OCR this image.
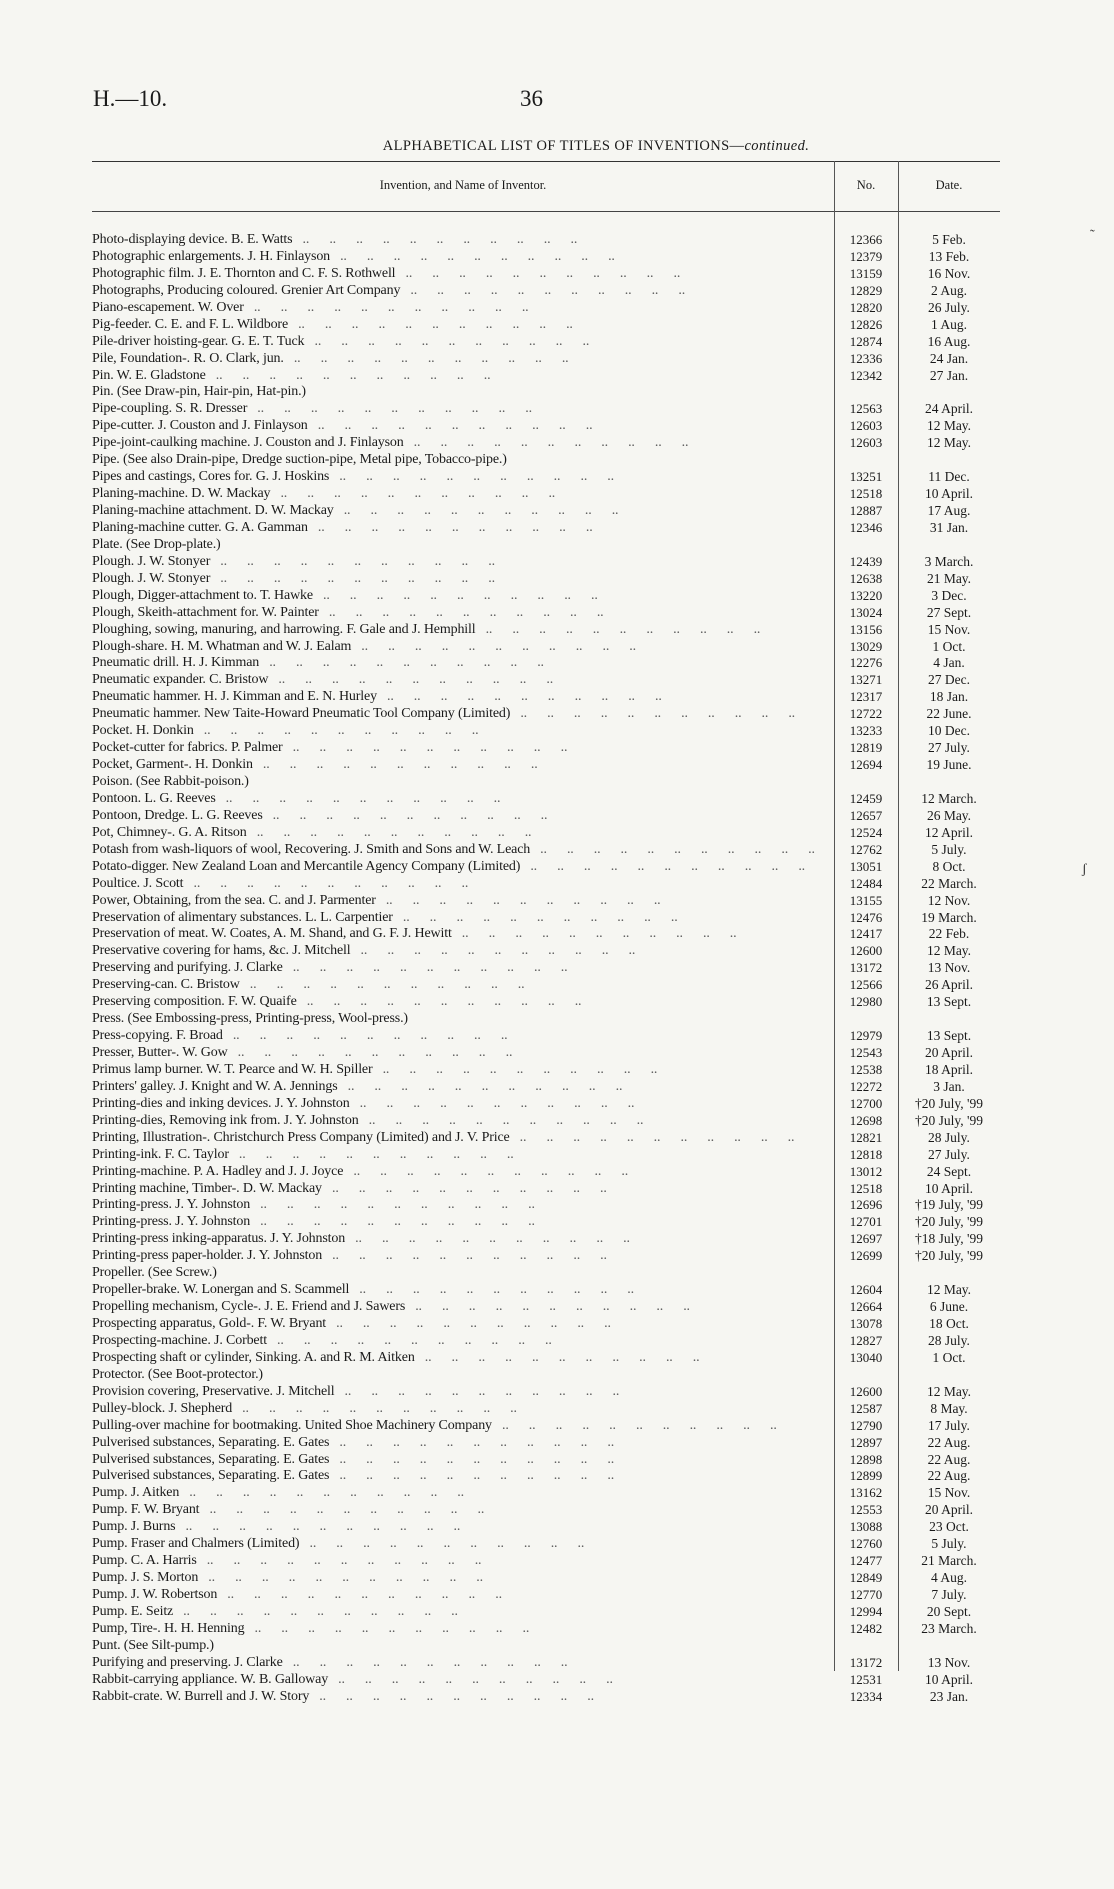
H.—10.	36
ALPHABETICAL LIST OF TITLES OF INVENTIONS—continued.
Invention, and Name of Inventor.	No.	Date.
Photo-displaying device. B. E. Watts ..	12366	5 Feb.
Photographic enlargements. J. H. Finlayson ..	12379	13 Feb.
Photographic film. J. E. Thornton and C. F. S. Rothwell ..	13159	16 Nov.
Photographs, Producing coloured. Grenier Art Company ..	12829	2 Aug.
Piano-escapement. W. Over ..	12820	26 July.
Pig-feeder. C. E. and F. L. Wildbore ..	12826	1 Aug.
Pile-driver hoisting-gear. G. E. T. Tuck ..	12874	16 Aug.
Pile, Foundation-. R. O. Clark, jun. ..	12336	24 Jan.
Pin. W. E. Gladstone ..	12342	27 Jan.
Pin. (See Draw-pin, Hair-pin, Hat-pin.)
Pipe-coupling. S. R. Dresser ..	12563	24 April.
Pipe-cutter. J. Couston and J. Finlayson ..	12603	12 May.
Pipe-joint-caulking machine. J. Couston and J. Finlayson ..	12603	12 May.
Pipe. (See also Drain-pipe, Dredge suction-pipe, Metal pipe, Tobacco-pipe.)
Pipes and castings, Cores for. G. J. Hoskins ..	13251	11 Dec.
Planing-machine. D. W. Mackay ..	12518	10 April.
Planing-machine attachment. D. W. Mackay ..	12887	17 Aug.
Planing-machine cutter. G. A. Gamman ..	12346	31 Jan.
Plate. (See Drop-plate.)
Plough. J. W. Stonyer ..	12439	3 March.
Plough. J. W. Stonyer ..	12638	21 May.
Plough, Digger-attachment to. T. Hawke ..	13220	3 Dec.
Plough, Skeith-attachment for. W. Painter ..	13024	27 Sept.
Ploughing, sowing, manuring, and harrowing. F. Gale and J. Hemphill ..	13156	15 Nov.
Plough-share. H. M. Whatman and W. J. Ealam ..	13029	1 Oct.
Pneumatic drill. H. J. Kimman ..	12276	4 Jan.
Pneumatic expander. C. Bristow ..	13271	27 Dec.
Pneumatic hammer. H. J. Kimman and E. N. Hurley ..	12317	18 Jan.
Pneumatic hammer. New Taite-Howard Pneumatic Tool Company (Limited) ..	12722	22 June.
Pocket. H. Donkin ..	13233	10 Dec.
Pocket-cutter for fabrics. P. Palmer ..	12819	27 July.
Pocket, Garment-. H. Donkin ..	12694	19 June.
Poison. (See Rabbit-poison.)
Pontoon. L. G. Reeves ..	12459	12 March.
Pontoon, Dredge. L. G. Reeves ..	12657	26 May.
Pot, Chimney-. G. A. Ritson ..	12524	12 April.
Potash from wash-liquors of wool, Recovering. J. Smith and Sons and W. Leach ..	12762	5 July.
Potato-digger. New Zealand Loan and Mercantile Agency Company (Limited) ..	13051	8 Oct.
Poultice. J. Scott ..	12484	22 March.
Power, Obtaining, from the sea. C. and J. Parmenter ..	13155	12 Nov.
Preservation of alimentary substances. L. L. Carpentier ..	12476	19 March.
Preservation of meat. W. Coates, A. M. Shand, and G. F. J. Hewitt ..	12417	22 Feb.
Preservative covering for hams, &c. J. Mitchell ..	12600	12 May.
Preserving and purifying. J. Clarke ..	13172	13 Nov.
Preserving-can. C. Bristow ..	12566	26 April.
Preserving composition. F. W. Quaife ..	12980	13 Sept.
Press. (See Embossing-press, Printing-press, Wool-press.)
Press-copying. F. Broad ..	12979	13 Sept.
Presser, Butter-. W. Gow ..	12543	20 April.
Primus lamp burner. W. T. Pearce and W. H. Spiller ..	12538	18 April.
Printers' galley. J. Knight and W. A. Jennings ..	12272	3 Jan.
Printing-dies and inking devices. J. Y. Johnston ..	12700	†20 July, '99
Printing-dies, Removing ink from. J. Y. Johnston ..	12698	†20 July, '99
Printing, Illustration-. Christchurch Press Company (Limited) and J. V. Price ..	12821	28 July.
Printing-ink. F. C. Taylor ..	12818	27 July.
Printing-machine. P. A. Hadley and J. J. Joyce ..	13012	24 Sept.
Printing machine, Timber-. D. W. Mackay ..	12518	10 April.
Printing-press. J. Y. Johnston ..	12696	†19 July, '99
Printing-press. J. Y. Johnston ..	12701	†20 July, '99
Printing-press inking-apparatus. J. Y. Johnston ..	12697	†18 July, '99
Printing-press paper-holder. J. Y. Johnston ..	12699	†20 July, '99
Propeller. (See Screw.)
Propeller-brake. W. Lonergan and S. Scammell ..	12604	12 May.
Propelling mechanism, Cycle-. J. E. Friend and J. Sawers ..	12664	6 June.
Prospecting apparatus, Gold-. F. W. Bryant ..	13078	18 Oct.
Prospecting-machine. J. Corbett ..	12827	28 July.
Prospecting shaft or cylinder, Sinking. A. and R. M. Aitken ..	13040	1 Oct.
Protector. (See Boot-protector.)
Provision covering, Preservative. J. Mitchell ..	12600	12 May.
Pulley-block. J. Shepherd ..	12587	8 May.
Pulling-over machine for bootmaking. United Shoe Machinery Company ..	12790	17 July.
Pulverised substances, Separating. E. Gates ..	12897	22 Aug.
Pulverised substances, Separating. E. Gates ..	12898	22 Aug.
Pulverised substances, Separating. E. Gates ..	12899	22 Aug.
Pump. J. Aitken ..	13162	15 Nov.
Pump. F. W. Bryant ..	12553	20 April.
Pump. J. Burns ..	13088	23 Oct.
Pump. Fraser and Chalmers (Limited) ..	12760	5 July.
Pump. C. A. Harris ..	12477	21 March.
Pump. J. S. Morton ..	12849	4 Aug.
Pump. J. W. Robertson ..	12770	7 July.
Pump. E. Seitz ..	12994	20 Sept.
Pump, Tire-. H. H. Henning ..	12482	23 March.
Punt. (See Silt-pump.)
Purifying and preserving. J. Clarke ..	13172	13 Nov.
Rabbit-carrying appliance. W. B. Galloway ..	12531	10 April.
Rabbit-crate. W. Burrell and J. W. Story ..	12334	23 Jan.
˜
ʃ
